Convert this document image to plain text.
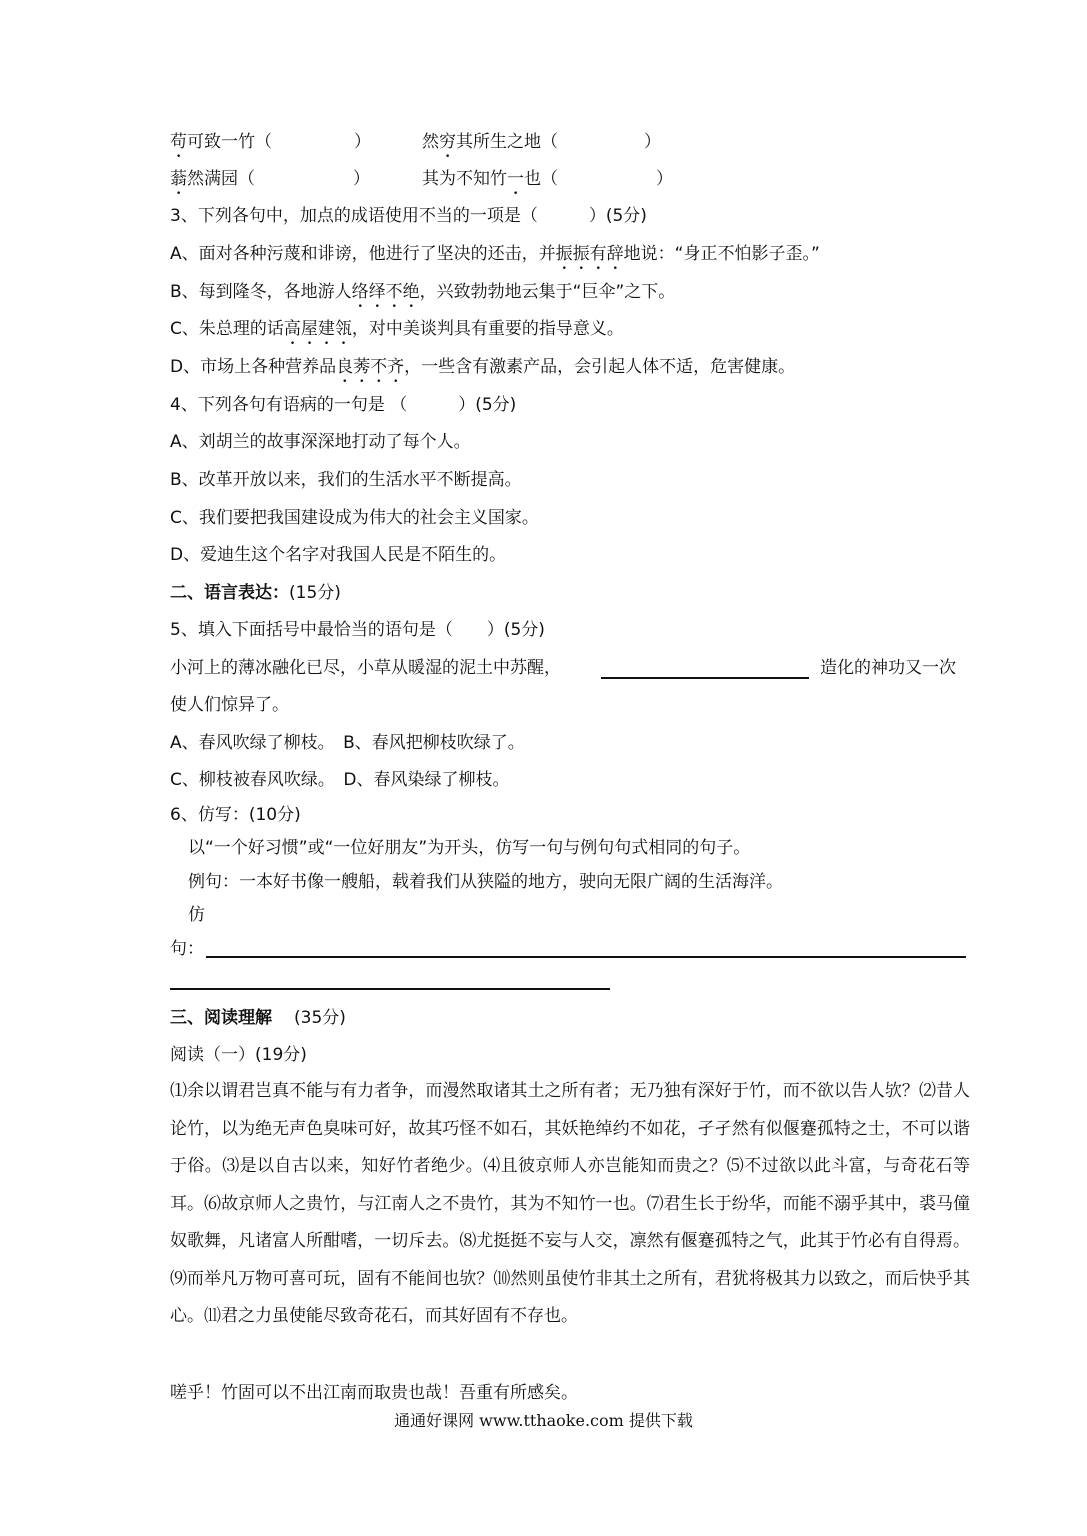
苟可致一竹（	）	然穷其所生之地（	）
蓊然满园（	）	其为不知竹一也（	）
3、下列各句中，加点的成语使用不当的一项是（　　　）(5分)
A、面对各种污蔑和诽谤，他进行了坚决的还击，并振振有辞地说：“身正不怕影子歪。”
B、每到隆冬，各地游人络绎不绝，兴致勃勃地云集于“巨伞”之下。
C、朱总理的话高屋建瓴，对中美谈判具有重要的指导意义。
D、市场上各种营养品良莠不齐，一些含有激素产品，会引起人体不适，危害健康。
4、下列各句有语病的一句是 （　　　）(5分)
A、刘胡兰的故事深深地打动了每个人。
B、改革开放以来，我们的生活水平不断提高。
C、我们要把我国建设成为伟大的社会主义国家。
D、爱迪生这个名字对我国人民是不陌生的。
二、语言表达：(15分)
5、填入下面括号中最恰当的语句是（　　）(5分)
小河上的薄冰融化已尽，小草从暖湿的泥土中苏醒，	造化的神功又一次
使人们惊异了。
A、春风吹绿了柳枝。　B、春风把柳枝吹绿了。
C、柳枝被春风吹绿。　D、春风染绿了柳枝。
6、仿写：(10分)
以“一个好习惯”或“一位好朋友”为开头，仿写一句与例句句式相同的句子。
例句：一本好书像一艘船，载着我们从狭隘的地方，驶向无限广阔的生活海洋。
仿
句：
三、阅读理解 (35分)
阅读（一）(19分)
⑴余以谓君岂真不能与有力者争，而漫然取诸其土之所有者；无乃独有深好于竹，而不欲以告人欤？⑵昔人论竹，以为绝无声色臭味可好，故其巧怪不如石，其妖艳绰约不如花，孑孑然有似偃蹇孤特之士，不可以谐于俗。⑶是以自古以来，知好竹者绝少。⑷且彼京师人亦岂能知而贵之？⑸不过欲以此斗富，与奇花石等耳。⑹故京师人之贵竹，与江南人之不贵竹，其为不知竹一也。⑺君生长于纷华，而能不溺乎其中，裘马僮奴歌舞，凡诸富人所酣嗜，一切斥去。⑻尤挺挺不妄与人交，凛然有偃蹇孤特之气，此其于竹必有自得焉。⑼而举凡万物可喜可玩，固有不能间也欤？⑽然则虽使竹非其土之所有，君犹将极其力以致之，而后快乎其心。⑾君之力虽使能尽致奇花石，而其好固有不存也。
嗟乎！竹固可以不出江南而取贵也哉！吾重有所感矣。
通通好课网 www.tthaoke.com 提供下载
